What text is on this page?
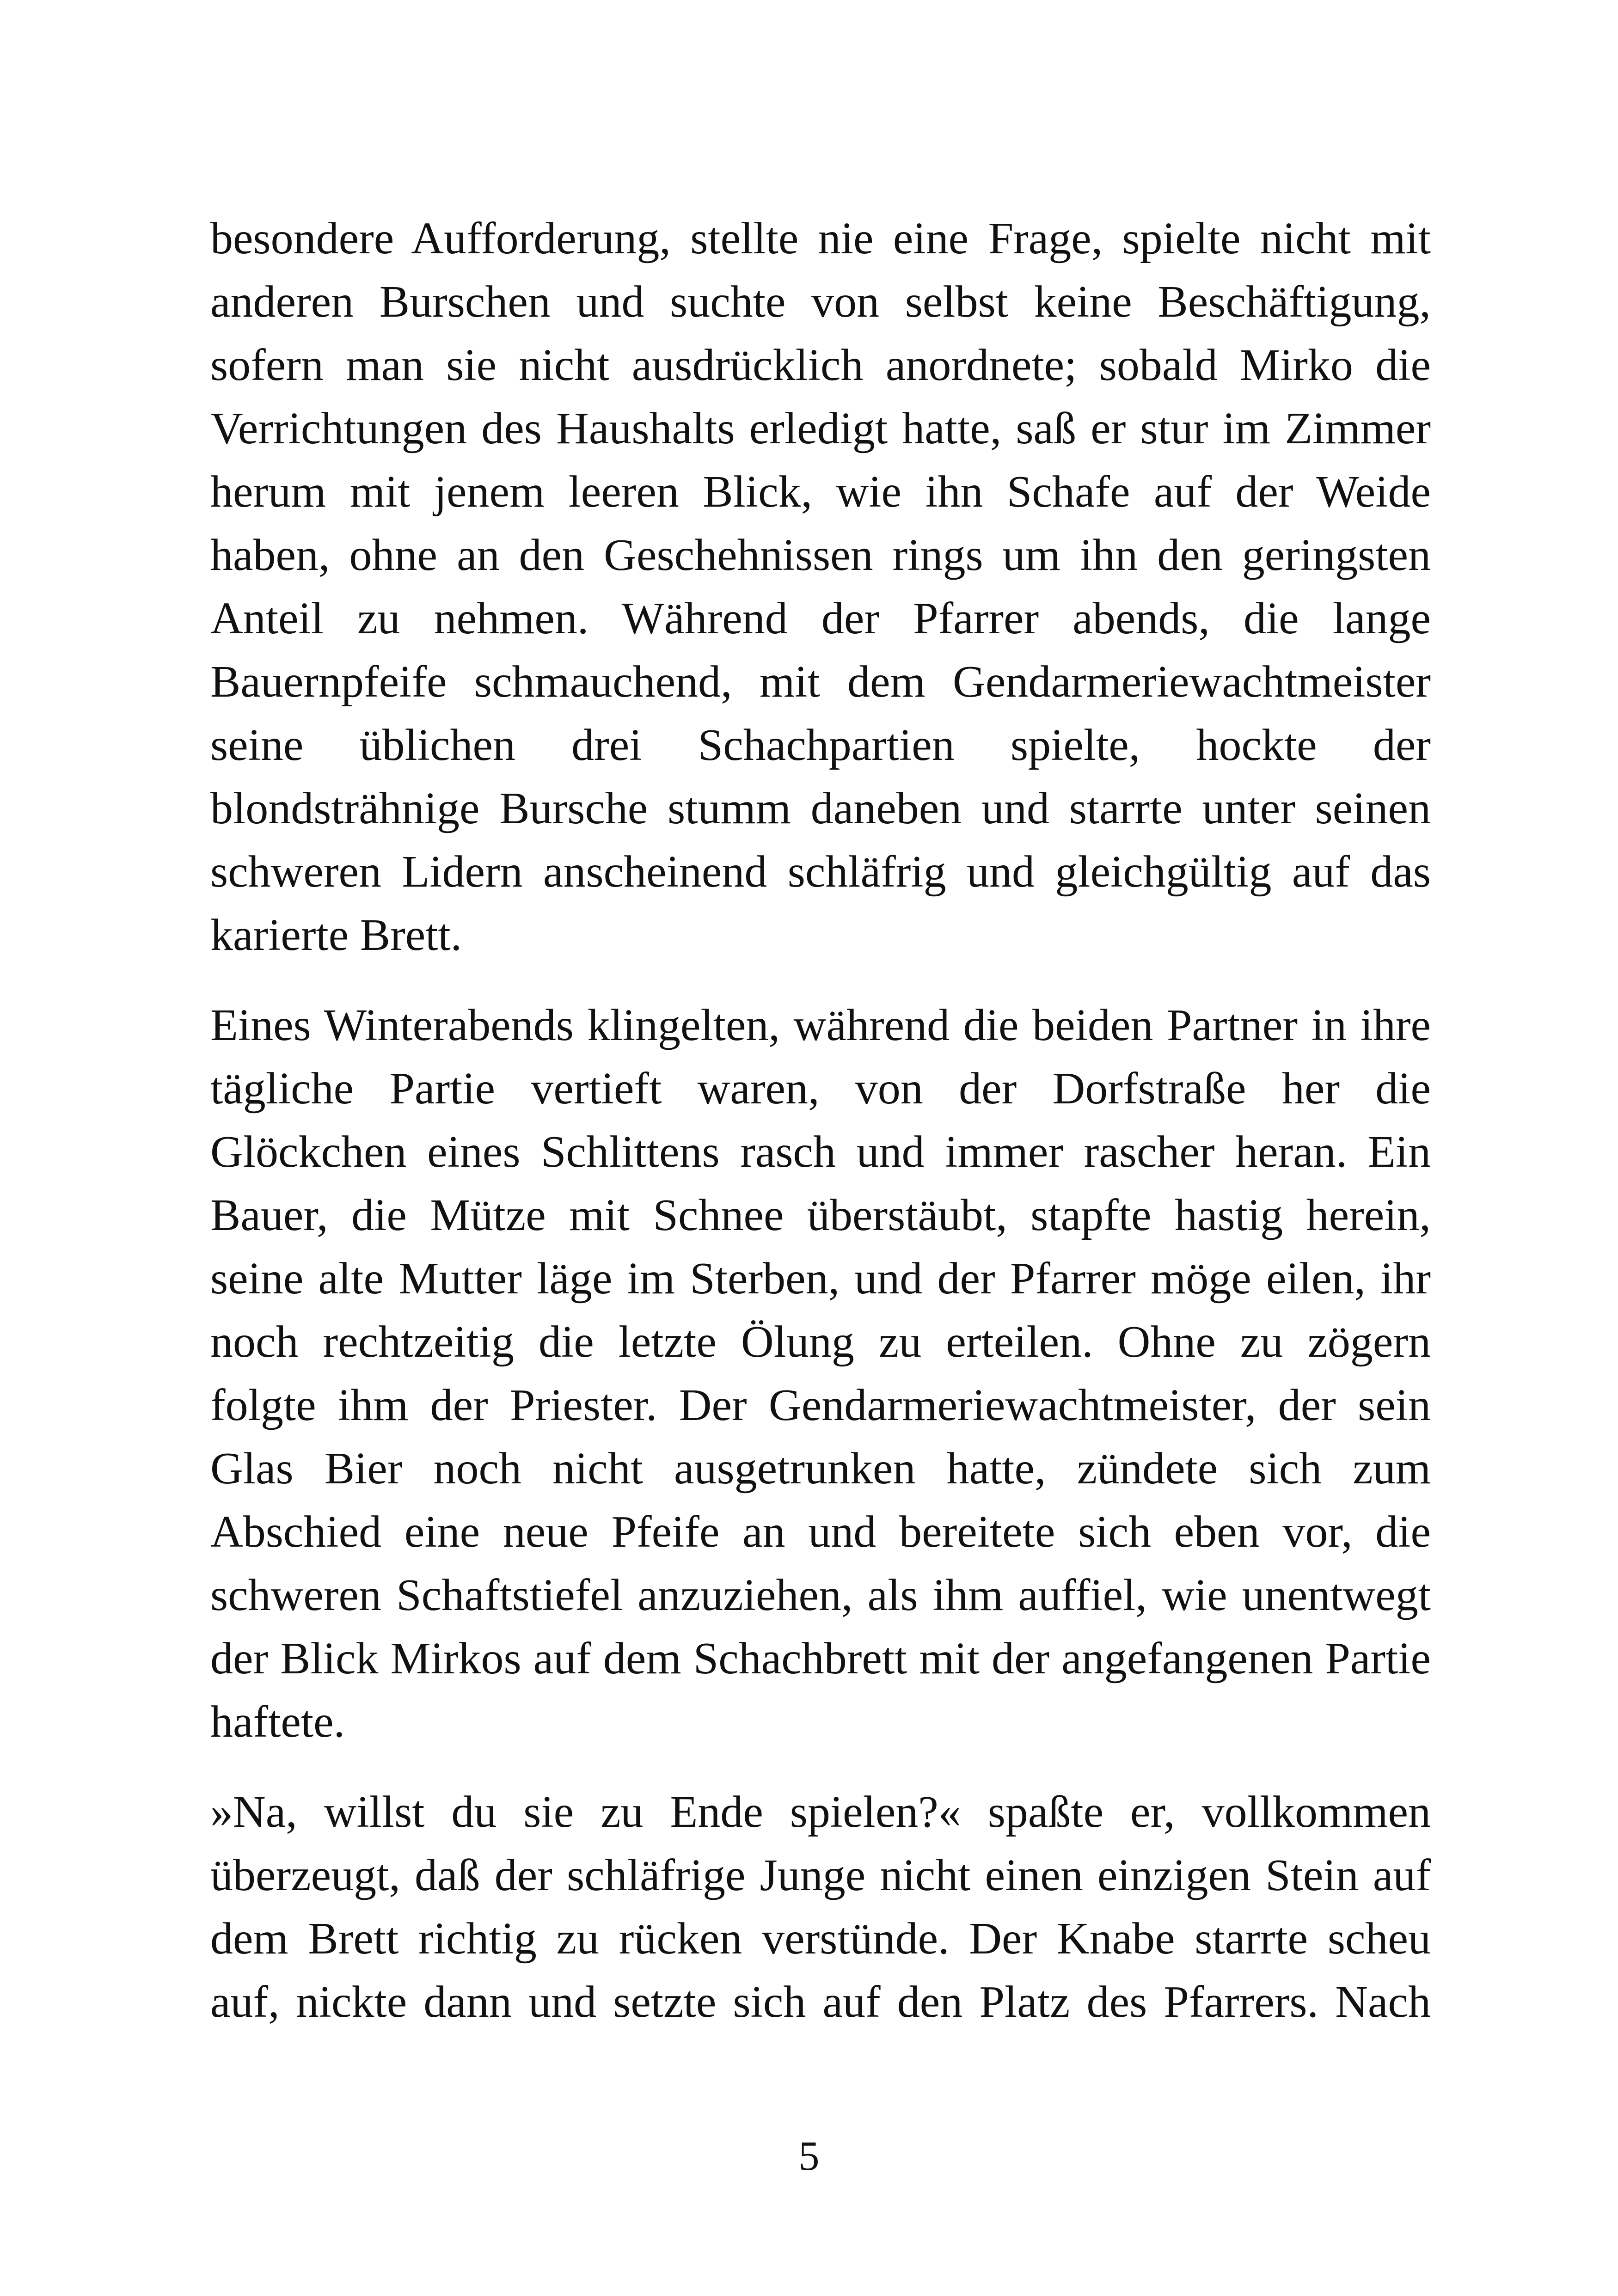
besondere Aufforderung, stellte nie eine Frage, spielte nicht mit
anderen Burschen und suchte von selbst keine Beschäftigung,
sofern man sie nicht ausdrücklich anordnete; sobald Mirko die
Verrichtungen des Haushalts erledigt hatte, saß er stur im Zimmer
herum mit jenem leeren Blick, wie ihn Schafe auf der Weide
haben, ohne an den Geschehnissen rings um ihn den geringsten
Anteil zu nehmen. Während der Pfarrer abends, die lange
Bauernpfeife schmauchend, mit dem Gendarmeriewachtmeister
seine üblichen drei Schachpartien spielte, hockte der
blondsträhnige Bursche stumm daneben und starrte unter seinen
schweren Lidern anscheinend schläfrig und gleichgültig auf das
karierte Brett.
Eines Winterabends klingelten, während die beiden Partner in ihre
tägliche Partie vertieft waren, von der Dorfstraße her die
Glöckchen eines Schlittens rasch und immer rascher heran. Ein
Bauer, die Mütze mit Schnee überstäubt, stapfte hastig herein,
seine alte Mutter läge im Sterben, und der Pfarrer möge eilen, ihr
noch rechtzeitig die letzte Ölung zu erteilen. Ohne zu zögern
folgte ihm der Priester. Der Gendarmeriewachtmeister, der sein
Glas Bier noch nicht ausgetrunken hatte, zündete sich zum
Abschied eine neue Pfeife an und bereitete sich eben vor, die
schweren Schaftstiefel anzuziehen, als ihm auffiel, wie unentwegt
der Blick Mirkos auf dem Schachbrett mit der angefangenen Partie
haftete.
»Na, willst du sie zu Ende spielen?« spaßte er, vollkommen
überzeugt, daß der schläfrige Junge nicht einen einzigen Stein auf
dem Brett richtig zu rücken verstünde. Der Knabe starrte scheu
auf, nickte dann und setzte sich auf den Platz des Pfarrers. Nach
5
